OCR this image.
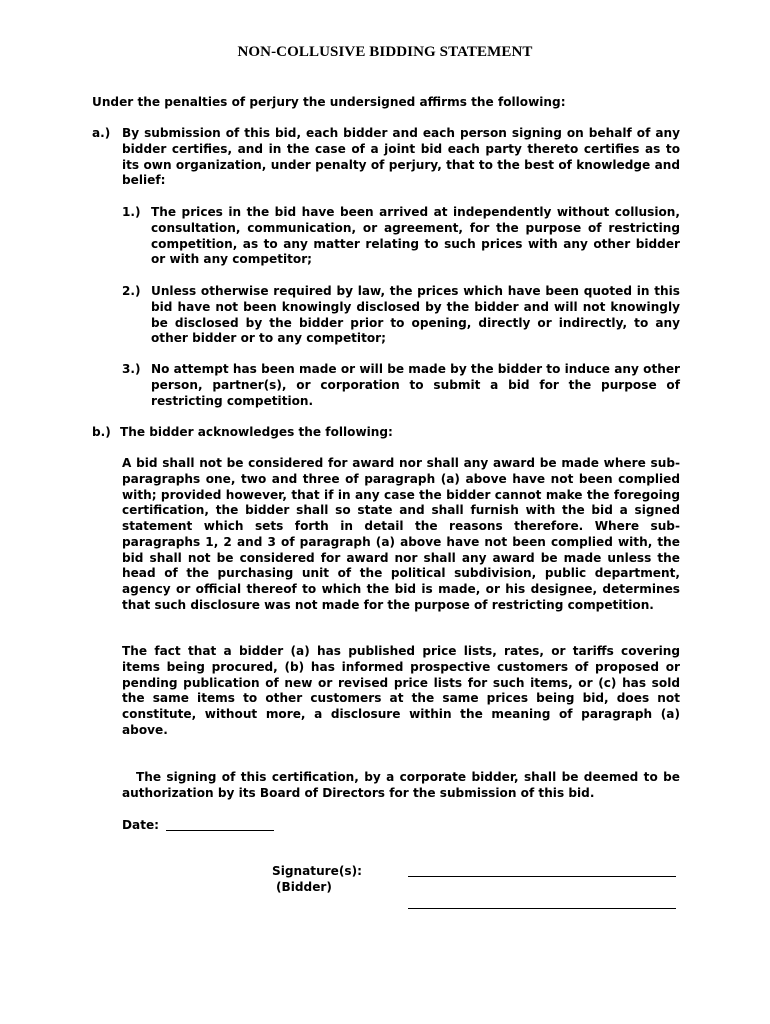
NON-COLLUSIVE BIDDING STATEMENT

Under the penalties of perjury the undersigned affirms the following:

a.) By submission of this bid, each bidder and each person signing on behalf of any bidder certifies, and in the case of a joint bid each party thereto certifies as to its own organization, under penalty of perjury, that to the best of knowledge and belief:

1.) The prices in the bid have been arrived at independently without collusion, consultation, communication, or agreement, for the purpose of restricting competition, as to any matter relating to such prices with any other bidder or with any competitor;

2.) Unless otherwise required by law, the prices which have been quoted in this bid have not been knowingly disclosed by the bidder and will not knowingly be disclosed by the bidder prior to opening, directly or indirectly, to any other bidder or to any competitor;

3.) No attempt has been made or will be made by the bidder to induce any other person, partner(s), or corporation to submit a bid for the purpose of restricting competition.

b.) The bidder acknowledges the following:

A bid shall not be considered for award nor shall any award be made where sub-paragraphs one, two and three of paragraph (a) above have not been complied with; provided however, that if in any case the bidder cannot make the foregoing certification, the bidder shall so state and shall furnish with the bid a signed statement which sets forth in detail the reasons therefore. Where sub-paragraphs 1, 2 and 3 of paragraph (a) above have not been complied with, the bid shall not be considered for award nor shall any award be made unless the head of the purchasing unit of the political subdivision, public department, agency or official thereof to which the bid is made, or his designee, determines that such disclosure was not made for the purpose of restricting competition.

The fact that a bidder (a) has published price lists, rates, or tariffs covering items being procured, (b) has informed prospective customers of proposed or pending publication of new or revised price lists for such items, or (c) has sold the same items to other customers at the same prices being bid, does not constitute, without more, a disclosure within the meaning of paragraph (a) above.

The signing of this certification, by a corporate bidder, shall be deemed to be authorization by its Board of Directors for the submission of this bid.

Date:
Signature(s):
(Bidder)
